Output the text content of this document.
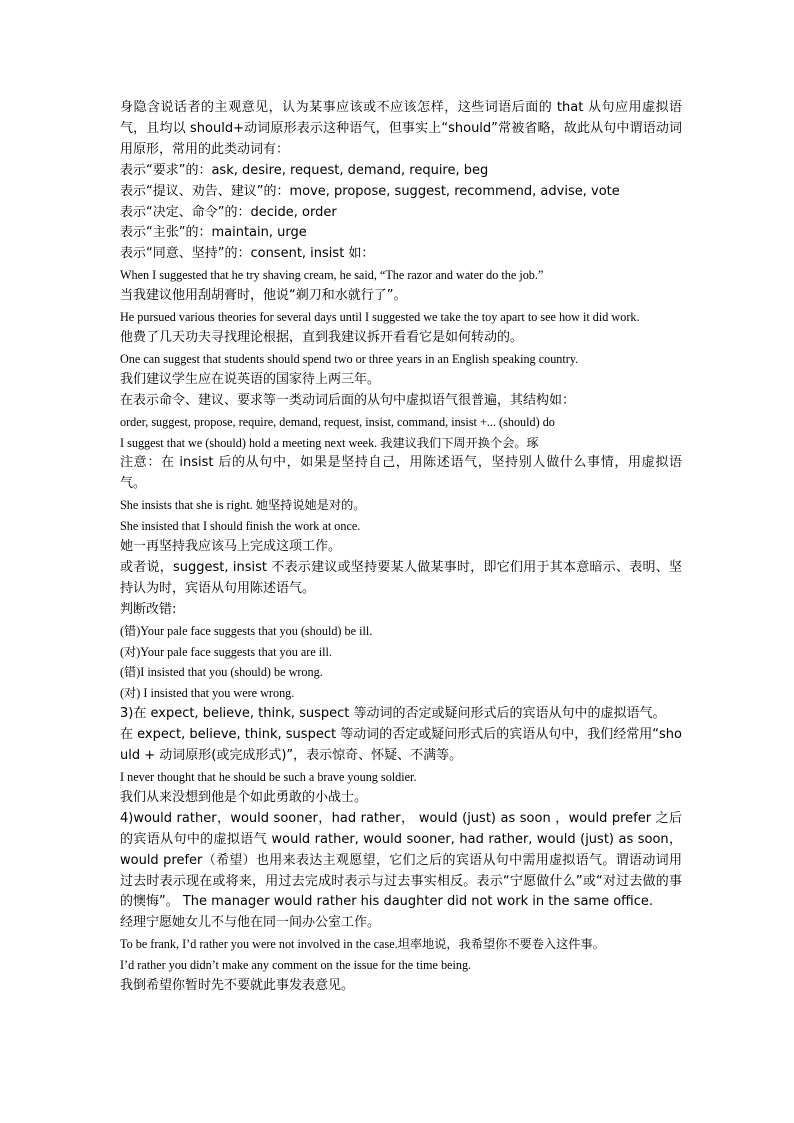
身隐含说话者的主观意见，认为某事应该或不应该怎样，这些词语后面的 that 从句应用虚拟语气，且均以 should+动词原形表示这种语气，但事实上“should”常被省略，故此从句中谓语动词用原形，常用的此类动词有：

表示“要求”的：ask, desire, request, demand, require, beg

表示“提议、劝告、建议”的：move, propose, suggest, recommend, advise, vote

表示“决定、命令”的：decide, order

表示“主张”的：maintain, urge

表示“同意、坚持”的：consent, insist 如：

When I suggested that he try shaving cream, he said, “The razor and water do the job.”

当我建议他用刮胡膏时，他说“剃刀和水就行了”。

He pursued various theories for several days until I suggested we take the toy apart to see how it did work.

他费了几天功夫寻找理论根据，直到我建议拆开看看它是如何转动的。

One can suggest that students should spend two or three years in an English speaking country.

我们建议学生应在说英语的国家待上两三年。

在表示命令、建议、要求等一类动词后面的从句中虚拟语气很普遍，其结构如：

order, suggest, propose, require, demand, request, insist, command, insist +... (should) do

I suggest that we (should) hold a meeting next week. 我建议我们下周开换个会。琢

注意：在 insist 后的从句中，如果是坚持自己，用陈述语气，坚持别人做什么事情，用虚拟语气。

She insists that she is right. 她坚持说她是对的。

She insisted that I should finish the work at once.

她一再坚持我应该马上完成这项工作。

或者说，suggest, insist 不表示建议或坚持要某人做某事时，即它们用于其本意暗示、表明、坚持认为时，宾语从句用陈述语气。

判断改错:

(错)Your pale face suggests that you (should) be ill.

(对)Your pale face suggests that you are ill.

(错)I insisted that you (should) be wrong.

(对) I insisted that you were wrong.

3)在 expect, believe, think, suspect 等动词的否定或疑问形式后的宾语从句中的虚拟语气。

在 expect, believe, think, suspect 等动词的否定或疑问形式后的宾语从句中，我们经常用“should + 动词原形(或完成形式)”，表示惊奇、怀疑、不满等。

I never thought that he should be such a brave young soldier.

我们从来没想到他是个如此勇敢的小战士。

4)would rather，would sooner，had rather， would (just) as soon ，would prefer 之后的宾语从句中的虚拟语气 would rather, would sooner, had rather, would (just) as soon，would prefer（希望）也用来表达主观愿望，它们之后的宾语从句中需用虚拟语气。谓语动词用过去时表示现在或将来，用过去完成时表示与过去事实相反。表示“宁愿做什么”或“对过去做的事的懊悔”。 The manager would rather his daughter did not work in the same office.

经理宁愿她女儿不与他在同一间办公室工作。

To be frank, I’d rather you were not involved in the case.坦率地说，我希望你不要卷入这件事。

I’d rather you didn’t make any comment on the issue for the time being.

我倒希望你暂时先不要就此事发表意见。
